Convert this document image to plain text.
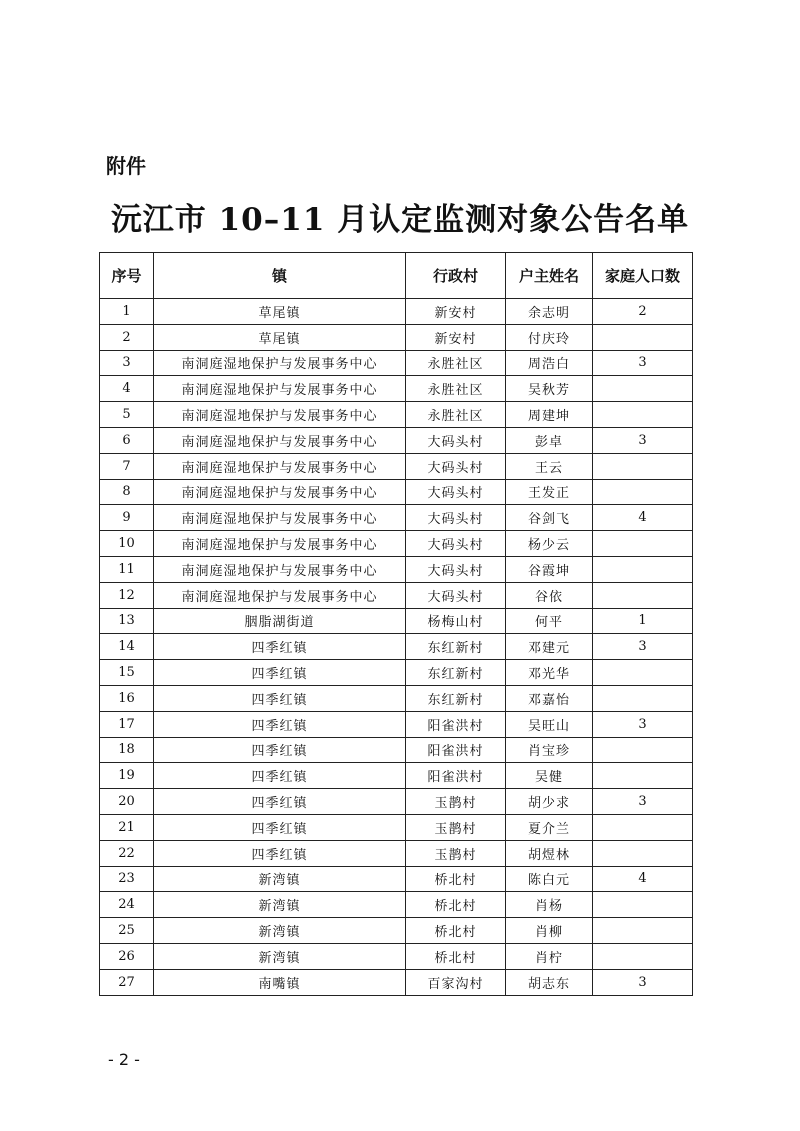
附件

沅江市 10–11 月认定监测对象公告名单
序号	镇	行政村	户主姓名	家庭人口数
1	草尾镇	新安村	余志明	2
2	草尾镇	新安村	付庆玲	
3	南洞庭湿地保护与发展事务中心	永胜社区	周浩白	3
4	南洞庭湿地保护与发展事务中心	永胜社区	吴秋芳	
5	南洞庭湿地保护与发展事务中心	永胜社区	周建坤	
6	南洞庭湿地保护与发展事务中心	大码头村	彭卓	3
7	南洞庭湿地保护与发展事务中心	大码头村	王云	
8	南洞庭湿地保护与发展事务中心	大码头村	王发正	
9	南洞庭湿地保护与发展事务中心	大码头村	谷剑飞	4
10	南洞庭湿地保护与发展事务中心	大码头村	杨少云	
11	南洞庭湿地保护与发展事务中心	大码头村	谷霞坤	
12	南洞庭湿地保护与发展事务中心	大码头村	谷依	
13	胭脂湖街道	杨梅山村	何平	1
14	四季红镇	东红新村	邓建元	3
15	四季红镇	东红新村	邓光华	
16	四季红镇	东红新村	邓嘉怡	
17	四季红镇	阳雀洪村	吴旺山	3
18	四季红镇	阳雀洪村	肖宝珍	
19	四季红镇	阳雀洪村	吴健	
20	四季红镇	玉鹊村	胡少求	3
21	四季红镇	玉鹊村	夏介兰	
22	四季红镇	玉鹊村	胡煜林	
23	新湾镇	桥北村	陈白元	4
24	新湾镇	桥北村	肖杨	
25	新湾镇	桥北村	肖柳	
26	新湾镇	桥北村	肖柠	
27	南嘴镇	百家沟村	胡志东	3

- 2 -
